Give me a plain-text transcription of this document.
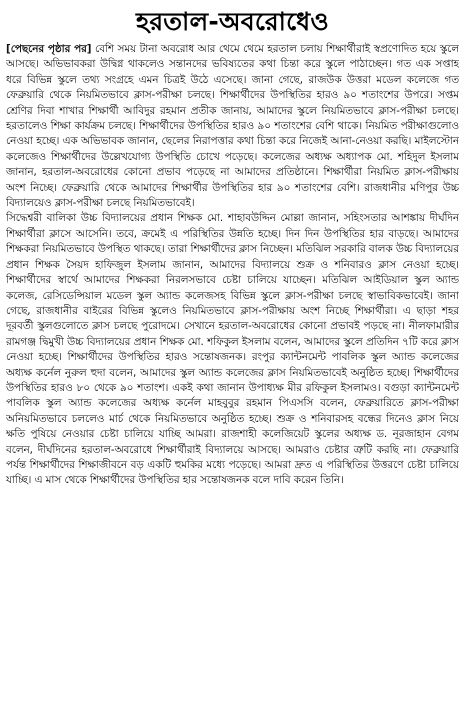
হরতাল-অবরোধেও

[পেছনের পৃষ্ঠার পর] বেশি সময় টানা অবরোধ আর থেমে থেমে হরতাল চলায় শিক্ষার্থীরাই স্বপ্রণোদিত হয়ে স্কুলে আসছে। অভিভাবকরা উদ্বিগ্ন থাকলেও সন্তানদের ভবিষ্যতের কথা চিন্তা করে স্কুলে পাঠাচ্ছেন। গত এক সপ্তাহ ধরে বিভিন্ন স্কুলে তথ্য সংগ্রহে এমন চিত্রই উঠে এসেছে। জানা গেছে, রাজউক উত্তরা মডেল কলেজে গত ফেব্রুয়ারি থেকে নিয়মিতভাবে ক্লাস-পরীক্ষা চলছে। শিক্ষার্থীদের উপস্থিতির হারও ৯০ শতাংশের উপরে। সপ্তম শ্রেণির দিবা শাখার শিক্ষার্থী আবিদুর রহমান প্রতীক জানায়, আমাদের স্কুলে নিয়মিতভাবে ক্লাস-পরীক্ষা চলছে। হরতালেও শিক্ষা কার্যক্রম চলছে। শিক্ষার্থীদের উপস্থিতির হারও ৯০ শতাংশের বেশি থাকে। নিয়মিত পরীক্ষাগুলোও নেওয়া হচ্ছে। এক অভিভাবক জানান, ছেলের নিরাপত্তার কথা চিন্তা করে নিজেই আনা-নেওয়া করছি। মাইলস্টোন কলেজেও শিক্ষার্থীদের উল্লেখযোগ্য উপস্থিতি চোখে পড়েছে। কলেজের অধ্যক্ষ অধ্যাপক মো. শহিদুল ইসলাম জানান, হরতাল-অবরোধের কোনো প্রভাব পড়েছে না আমাদের প্রতিষ্ঠানে। শিক্ষার্থীরা নিয়মিত ক্লাস-পরীক্ষায় অংশ নিচ্ছে। ফেব্রুয়ারি থেকে আমাদের শিক্ষার্থীর উপস্থিতির হার ৯০ শতাংশের বেশি। রাজধানীর মণিপুর উচ্চ বিদ্যালয়েও ক্লাস-পরীক্ষা চলছে নিয়মিতভাবেই।

সিদ্ধেশ্বরী বালিকা উচ্চ বিদ্যালয়ের প্রধান শিক্ষক মো. শাহাবউদ্দিন মোল্লা জানান, সহিংসতার আশঙ্কায় দীর্ঘদিন শিক্ষার্থীরা ক্লাসে আসেনি। তবে, ক্রমেই এ পরিস্থিতির উন্নতি হচ্ছে। দিন দিন উপস্থিতির হার বাড়ছে। আমাদের শিক্ষকরা নিয়মিতভাবে উপস্থিত থাকছে। তারা শিক্ষার্থীদের ক্লাস নিচ্ছেন। মতিঝিল সরকারি বালক উচ্চ বিদ্যালয়ের প্রধান শিক্ষক সৈয়দ হাফিজুল ইসলাম জানান, আমাদের বিদ্যালয়ে শুক্র ও শনিবারও ক্লাস নেওয়া হচ্ছে। শিক্ষার্থীদের স্বার্থে আমাদের শিক্ষকরা নিরলসভাবে চেষ্টা চালিয়ে যাচ্ছেন। মতিঝিল আইডিয়াল স্কুল অ্যান্ড কলেজ, রেসিডেন্সিয়াল মডেল স্কুল অ্যান্ড কলেজসহ বিভিন্ন স্কুলে ক্লাস-পরীক্ষা চলছে স্বাভাবিকভাবেই। জানা গেছে, রাজধানীর বাইরের বিভিন্ন স্কুলেও নিয়মিতভাবে ক্লাস-পরীক্ষায় অংশ নিচ্ছে শিক্ষার্থীরা। এ ছাড়া শহর দূরবর্তী স্কুলগুলোতে ক্লাস চলছে পুরোদমে। সেখানে হরতাল-অবরোধের কোনো প্রভাবই পড়ছে না। নীলফামারীর রামগঞ্জ দ্বিমুখী উচ্চ বিদ্যালয়ের প্রধান শিক্ষক মো. শফিকুল ইসলাম বলেন, আমাদের স্কুলে প্রতিদিন ৭টি করে ক্লাস নেওয়া হচ্ছে। শিক্ষার্থীদের উপস্থিতির হারও সন্তোষজনক। রংপুর ক্যান্টনমেন্ট পাবলিক স্কুল অ্যান্ড কলেজের অধ্যক্ষ কর্নেল নুরুল হুদা বলেন, আমাদের স্কুল অ্যান্ড কলেজের ক্লাস নিয়মিতভাবেই অনুষ্ঠিত হচ্ছে। শিক্ষার্থীদের উপস্থিতির হারও ৮০ থেকে ৯০ শতাংশ। একই কথা জানান উপাধ্যক্ষ মীর রফিকুল ইসলামও। বগুড়া ক্যান্টনমেন্ট পাবলিক স্কুল অ্যান্ড কলেজের অধ্যক্ষ কর্নেল মাহবুবুর রহমান পিএসসি বলেন, ফেব্রুয়ারিতে ক্লাস-পরীক্ষা অনিয়মিতভাবে চললেও মার্চ থেকে নিয়মিতভাবে অনুষ্ঠিত হচ্ছে। শুক্র ও শনিবারসহ বন্ধের দিনেও ক্লাস নিয়ে ক্ষতি পুষিয়ে নেওয়ার চেষ্টা চালিয়ে যাচ্ছি আমরা। রাজশাহী কলেজিয়েট স্কুলের অধ্যক্ষ ড. নূরজাহান বেগম বলেন, দীর্ঘদিনের হরতাল-অবরোধে শিক্ষার্থীরাই বিদ্যালয়ে আসছে। আমরাও চেষ্টার ত্রুটি করছি না। ফেব্রুয়ারি পর্যন্ত শিক্ষার্থীদের শিক্ষাজীবনে বড় একটি হুমকির মধ্যে পড়েছে। আমরা দ্রুত এ পরিস্থিতির উত্তরণে চেষ্টা চালিয়ে যাচ্ছি। এ মাস থেকে শিক্ষার্থীদের উপস্থিতির হার সন্তোষজনক বলে দাবি করেন তিনি।
